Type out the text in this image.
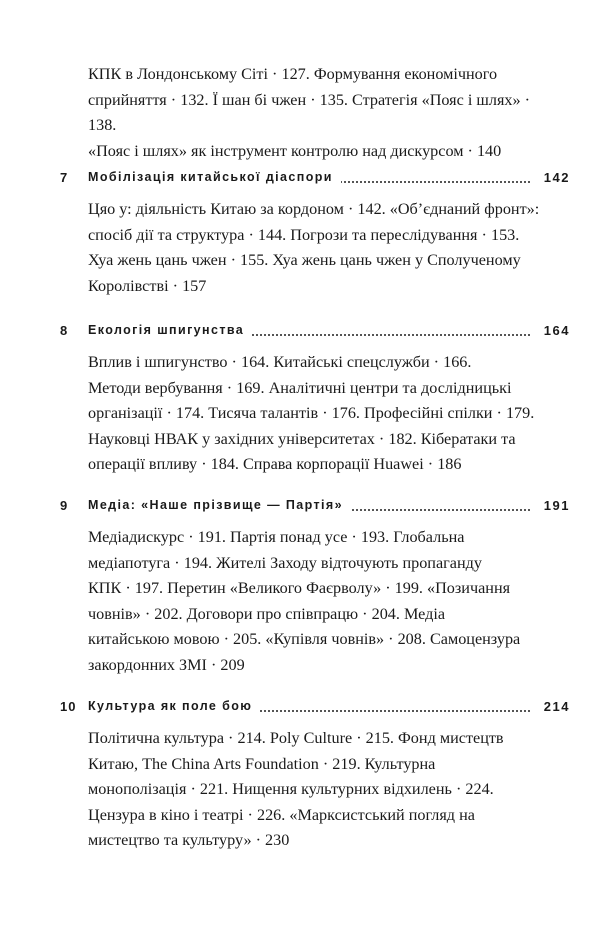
КПК в Лондонському Сіті · 127. Формування економічного

сприйняття · 132. Ї шан бі чжен · 135. Стратегія «Пояс і шлях» · 138.

«Пояс і шлях» як інструмент контролю над дискурсом · 140

7 Мобілізація китайської діаспори	142

Цяо у: діяльність Китаю за кордоном · 142. «Об’єднаний фронт»:

спосіб дії та структура · 144. Погрози та переслідування · 153.

Хуа жень цань чжен · 155. Хуа жень цань чжен у Сполученому

Королівстві · 157

8 Екологія шпигунства	164

Вплив і шпигунство · 164. Китайські спецслужби · 166.

Методи вербування · 169. Аналітичні центри та дослідницькі

організації · 174. Тисяча талантів · 176. Професійні спілки · 179.

Науковці НВАК у західних університетах · 182. Кібератаки та

операції впливу · 184. Справа корпорації Huawei · 186

9 Медіа: «Наше прізвище — Партія»	191

Медіадискурс · 191. Партія понад усе · 193. Глобальна

медіапотуга · 194. Жителі Заходу відточують пропаганду

КПК · 197. Перетин «Великого Фаєрволу» · 199. «Позичання

човнів» · 202. Договори про співпрацю · 204. Медіа

китайською мовою · 205. «Купівля човнів» · 208. Самоцензура

закордонних ЗМІ · 209

10 Культура як поле бою	214

Політична культура · 214. Poly Culture · 215. Фонд мистецтв

Китаю, The China Arts Foundation · 219. Культурна

монополізація · 221. Нищення культурних відхилень · 224.

Цензура в кіно і театрі · 226. «Марксистський погляд на

мистецтво та культуру» · 230
